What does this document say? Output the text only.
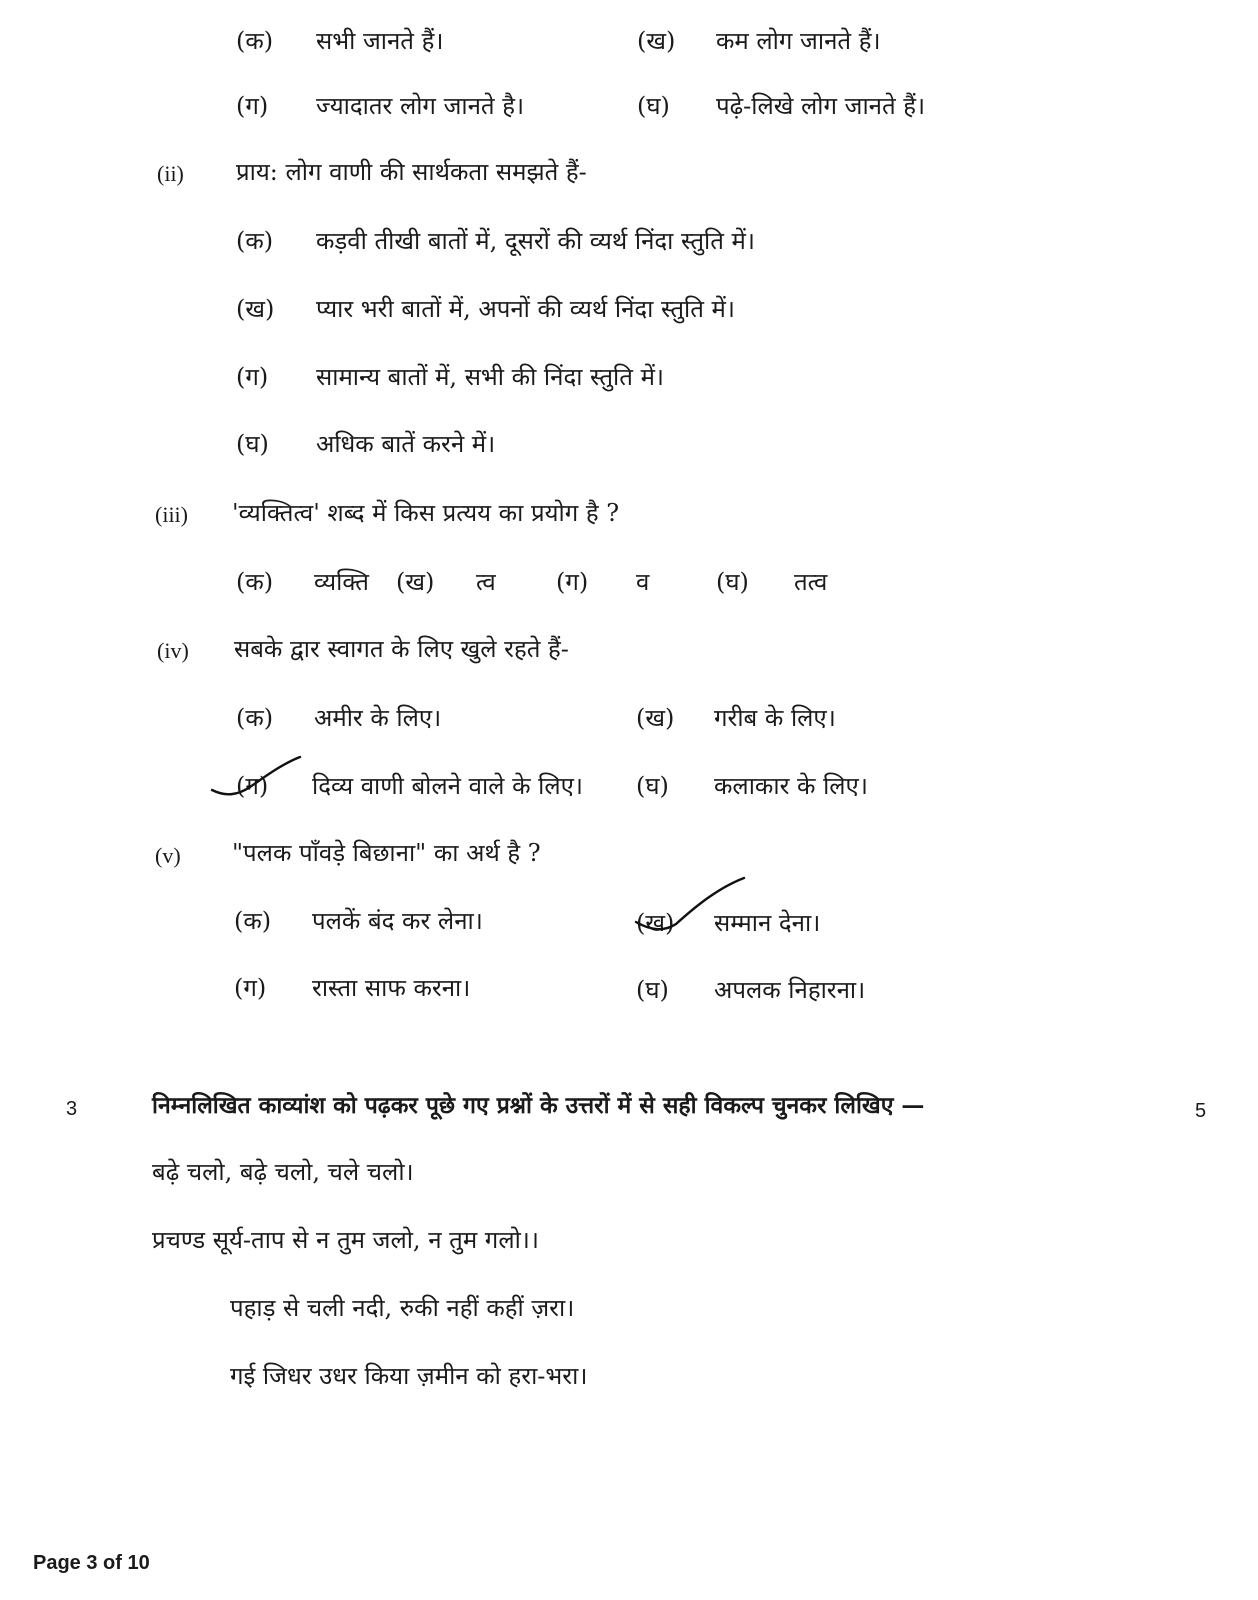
(क) सभी जानते हैं।	(ख) कम लोग जानते हैं।
(ग) ज्यादातर लोग जानते है।	(घ) पढ़े-लिखे लोग जानते हैं।
(ii) प्राय: लोग वाणी की सार्थकता समझते हैं-
(क) कड़वी तीखी बातों में, दूसरों की व्यर्थ निंदा स्तुति में।
(ख) प्यार भरी बातों में, अपनों की व्यर्थ निंदा स्तुति में।
(ग) सामान्य बातों में, सभी की निंदा स्तुति में।
(घ) अधिक बातें करने में।
(iii) 'व्यक्तित्व' शब्द में किस प्रत्यय का प्रयोग है ?
(क) व्यक्ति (ख) त्व	(ग) व	(घ) तत्व
(iv) सबके द्वार स्वागत के लिए खुले रहते हैं-
(क) अमीर के लिए।	(ख) गरीब के लिए।
(ग) दिव्य वाणी बोलने वाले के लिए। (घ) कलाकार के लिए।
(v) "पलक पाँवड़े बिछाना" का अर्थ है ?
(क) पलकें बंद कर लेना।	(ख) सम्मान देना।
(ग) रास्ता साफ करना।	(घ) अपलक निहारना।
3	निम्नलिखित काव्यांश को पढ़कर पूछे गए प्रश्नों के उत्तरों में से सही विकल्प चुनकर लिखिए —	5
बढ़े चलो, बढ़े चलो, चले चलो।
प्रचण्ड सूर्य-ताप से न तुम जलो, न तुम गलो।।
पहाड़ से चली नदी, रुकी नहीं कहीं ज़रा।
गई जिधर उधर किया ज़मीन को हरा-भरा।
Page 3 of 10
